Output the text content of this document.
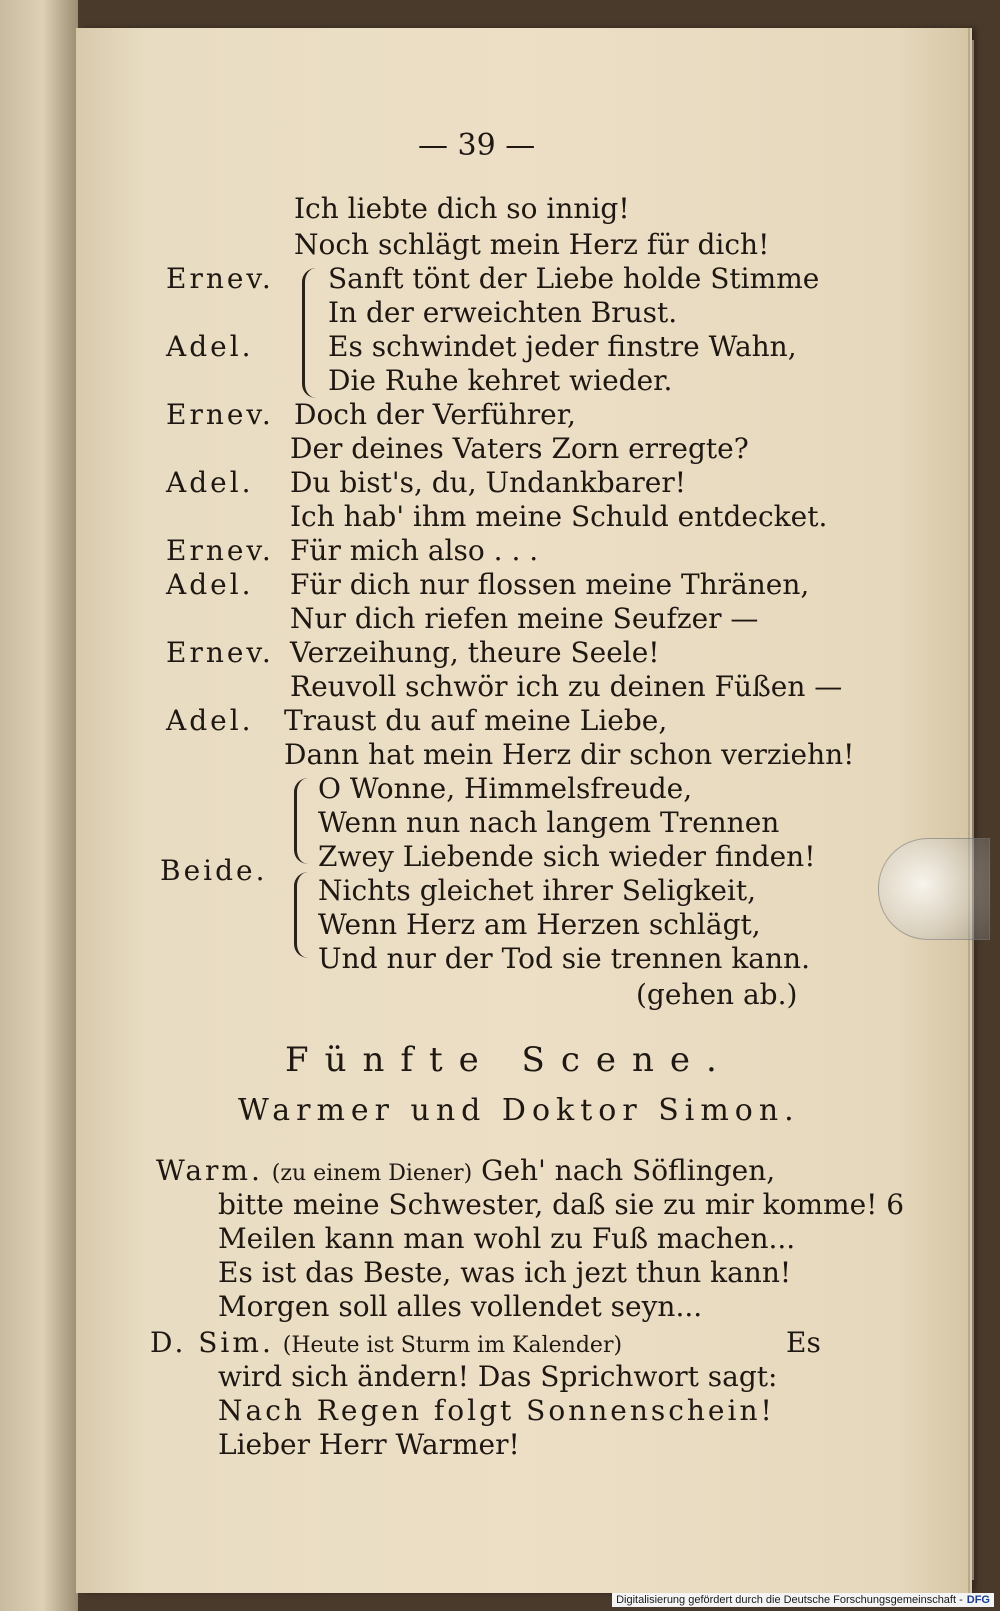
— 39 —
Ich liebte dich so innig!
Noch schlägt mein Herz für dich!
Ernev. Sanft tönt der Liebe holde Stimme
In der erweichten Brust.
Adel.	Es schwindet jeder finstre Wahn,
Die Ruhe kehret wieder.
Ernev. Doch der Verführer,
Der deines Vaters Zorn erregte?
Adel. Du bist's, du, Undankbarer!
Ich hab' ihm meine Schuld entdecket.
Ernev. Für mich also . . .
Adel. Für dich nur flossen meine Thränen,
Nur dich riefen meine Seufzer —
Ernev. Verzeihung, theure Seele!
Reuvoll schwör ich zu deinen Füßen —
Adel. Traust du auf meine Liebe,
Dann hat mein Herz dir schon verziehn!
Beide.
O Wonne, Himmelsfreude,
Wenn nun nach langem Trennen
Zwey Liebende sich wieder finden!
Nichts gleichet ihrer Seligkeit,
Wenn Herz am Herzen schlägt,
Und nur der Tod sie trennen kann.
(gehen ab.)
Fünfte Scene.
Warmer und Doktor Simon.
Warm. (zu einem Diener) Geh' nach Söflingen,
bitte meine Schwester, daß sie zu mir komme! 6
Meilen kann man wohl zu Fuß machen...
Es ist das Beste, was ich jezt thun kann!
Morgen soll alles vollendet seyn...
D. Sim. (Heute ist Sturm im Kalender)	Es
wird sich ändern! Das Sprichwort sagt:
Nach Regen folgt Sonnenschein!
Lieber Herr Warmer!
Digitalisierung gefördert durch die Deutsche Forschungsgemeinschaft - DFG
